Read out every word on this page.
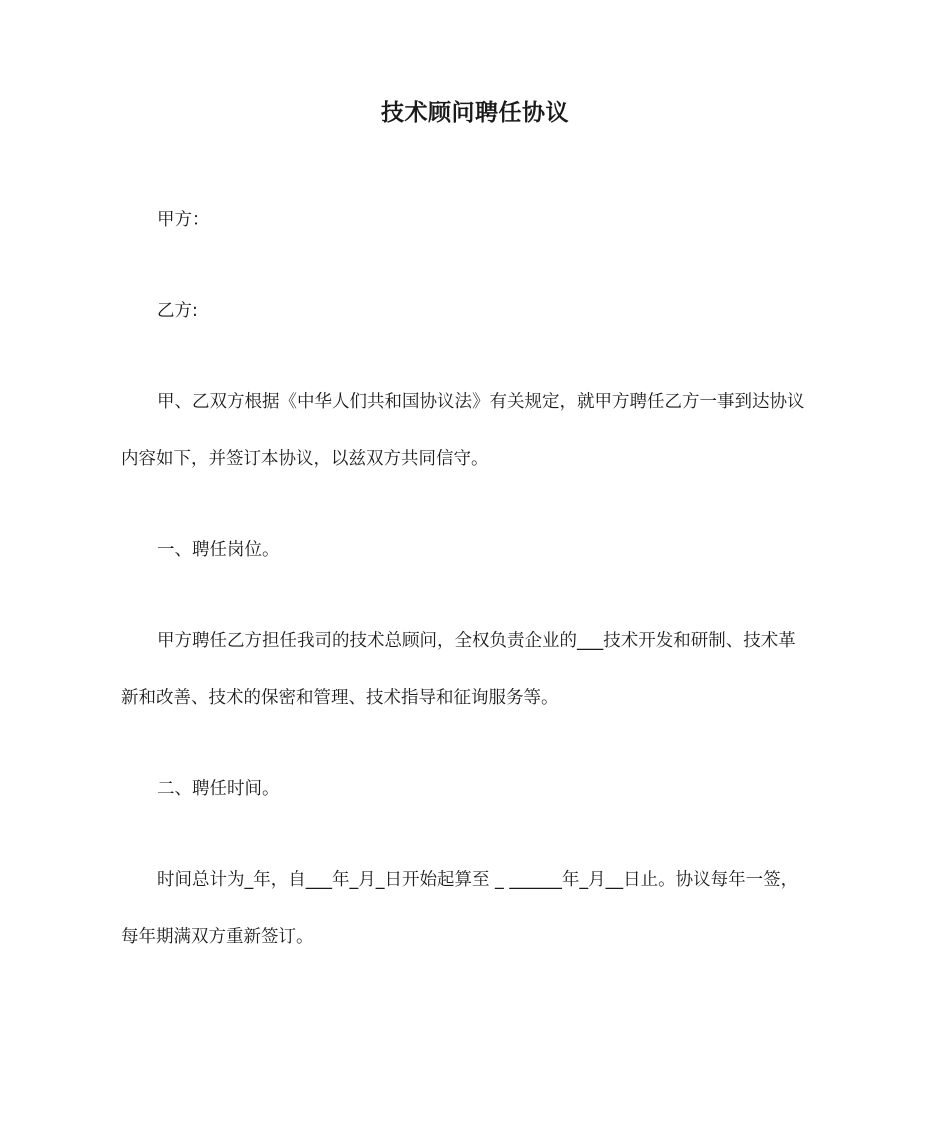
技术顾问聘任协议

甲方：

乙方:

甲、乙双方根据《中华人们共和国协议法》有关规定，就甲方聘任乙方一事到达协议

内容如下，并签订本协议，以兹双方共同信守。

一、聘任岗位。

甲方聘任乙方担任我司的技术总顾问，全权负责企业的___技术开发和研制、技术革

新和改善、技术的保密和管理、技术指导和征询服务等。

二、聘任时间。

时间总计为_年，自___年_月_日开始起算至 _ ______年_月__日止。协议每年一签，

每年期满双方重新签订。
